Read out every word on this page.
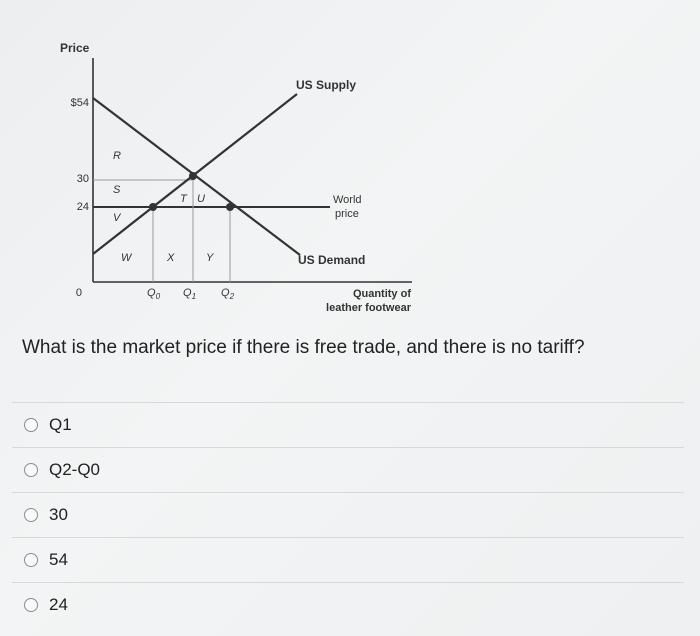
Price
$54
30
24
0	$Q_0$ $Q_1$ $Q_2$	Quantity of
leather footwear
US Supply
US Demand
World
price
R
S
V
W	X	Y
T U
What is the market price if there is free trade, and there is no tariff?
Q1
Q2-Q0
30
54
24
